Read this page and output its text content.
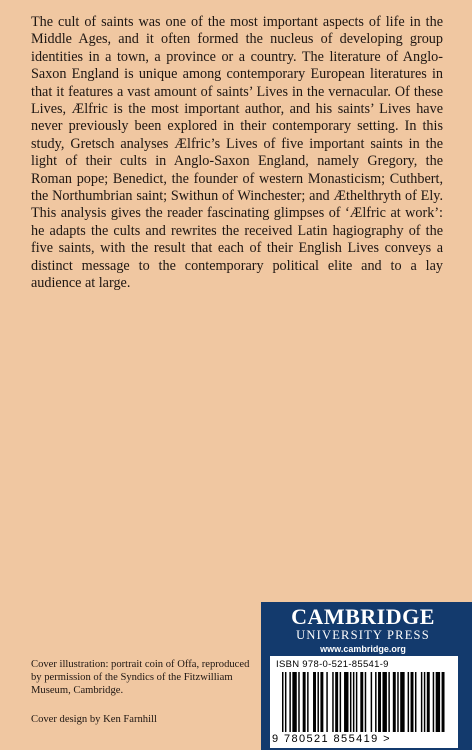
The cult of saints was one of the most important aspects of life in the Middle Ages, and it often formed the nucleus of developing group identities in a town, a province or a country. The literature of Anglo-Saxon England is unique among contemporary European literatures in that it features a vast amount of saints’ Lives in the vernacular. Of these Lives, Ælfric is the most important author, and his saints’ Lives have never previously been explored in their contemporary setting. In this study, Gretsch analyses Ælfric’s Lives of five important saints in the light of their cults in Anglo-Saxon England, namely Gregory, the Roman pope; Benedict, the founder of western Monasticism; Cuthbert, the Northumbrian saint; Swithun of Winchester; and Æthelthryth of Ely. This analysis gives the reader fascinating glimpses of ‘Ælfric at work’: he adapts the cults and rewrites the received Latin hagiography of the five saints, with the result that each of their English Lives conveys a distinct message to the contemporary political elite and to a lay audience at large.

Cover illustration: portrait coin of Offa, reproduced by permission of the Syndics of the Fitzwilliam Museum, Cambridge.

Cover design by Ken Farnhill

CAMBRIDGE
UNIVERSITY PRESS
www.cambridge.org
ISBN 978-0-521-85541-9
9 780521 855419 >
